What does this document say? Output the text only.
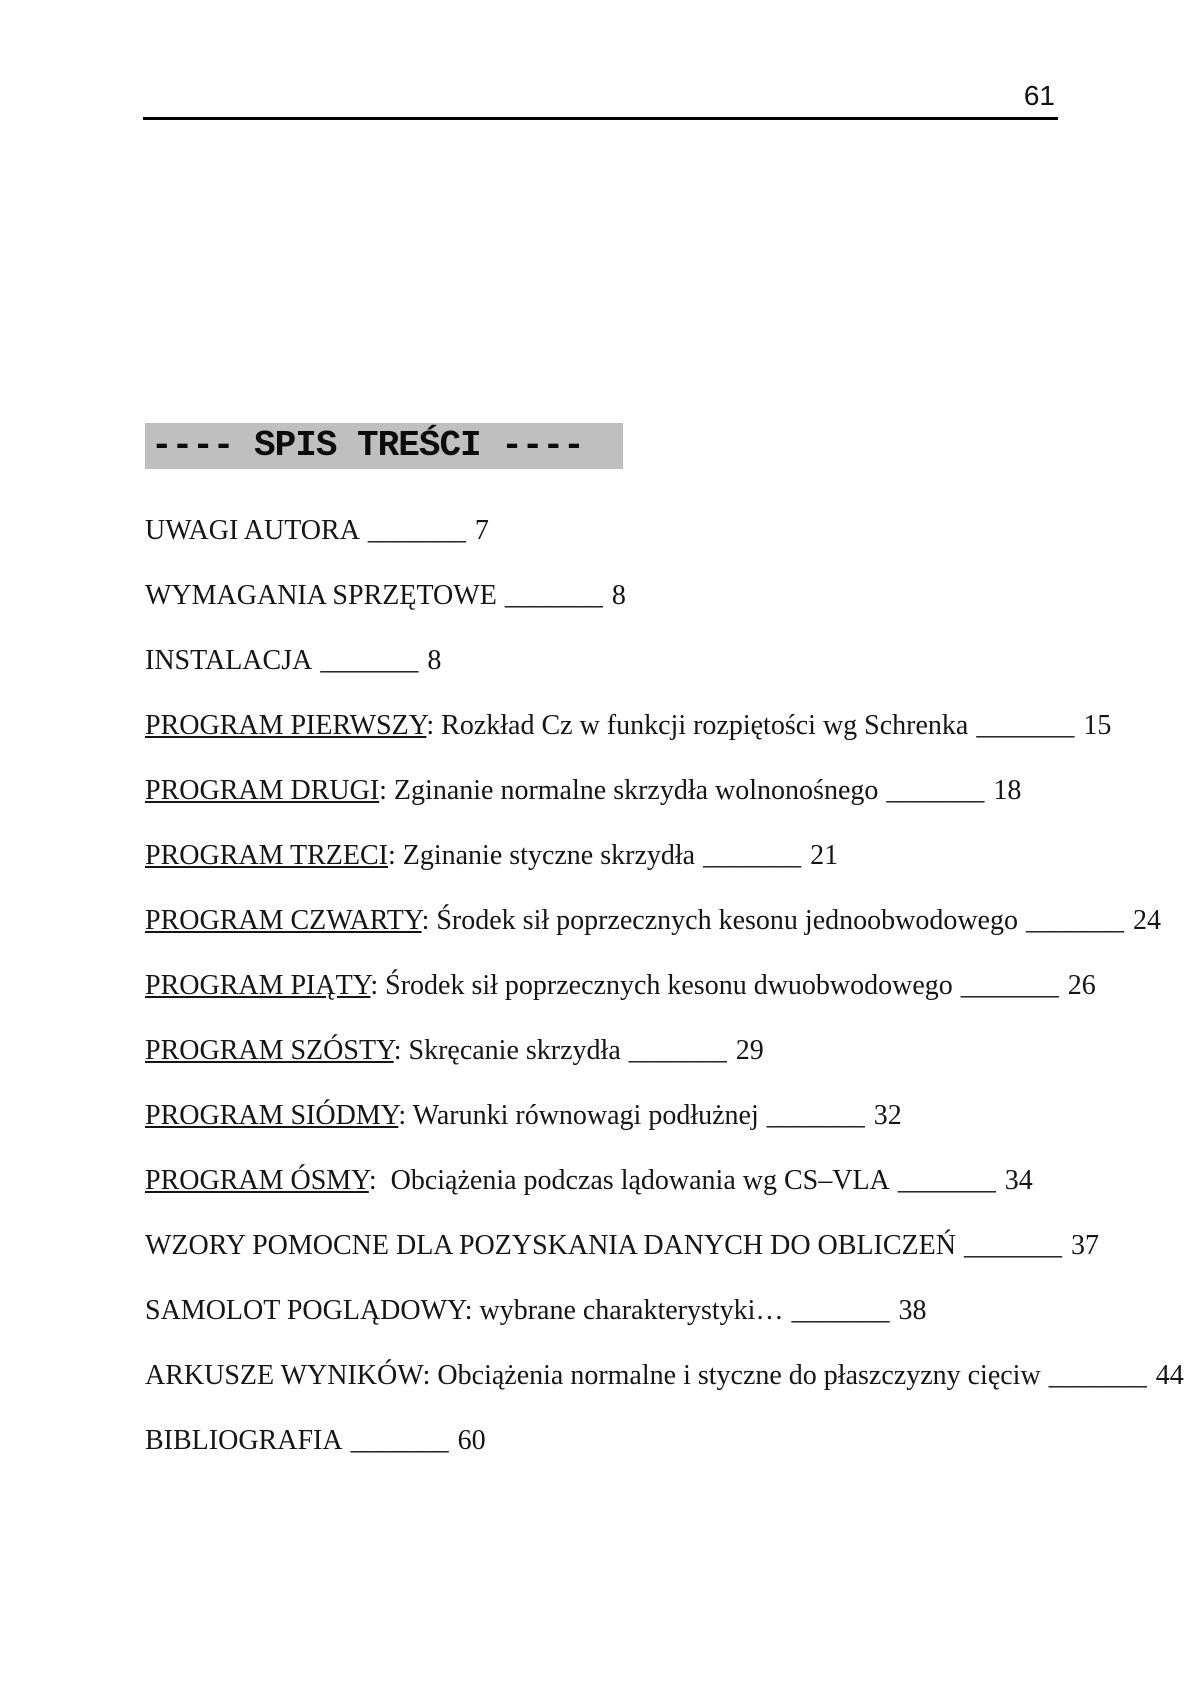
61
---- SPIS TREŚCI ----
UWAGI AUTORA _______ 7
WYMAGANIA SPRZĘTOWE _______ 8
INSTALACJA _______ 8
PROGRAM PIERWSZY: Rozkład Cz w funkcji rozpiętości wg Schrenka _______ 15
PROGRAM DRUGI: Zginanie normalne skrzydła wolnonośnego _______ 18
PROGRAM TRZECI: Zginanie styczne skrzydła _______ 21
PROGRAM CZWARTY: Środek sił poprzecznych kesonu jednoobwodowego _______ 24
PROGRAM PIĄTY: Środek sił poprzecznych kesonu dwuobwodowego _______ 26
PROGRAM SZÓSTY: Skręcanie skrzydła _______ 29
PROGRAM SIÓDMY: Warunki równowagi podłużnej _______ 32
PROGRAM ÓSMY:  Obciążenia podczas lądowania wg CS–VLA _______ 34
WZORY POMOCNE DLA POZYSKANIA DANYCH DO OBLICZEŃ _______ 37
SAMOLOT POGLĄDOWY: wybrane charakterystyki… _______ 38
ARKUSZE WYNIKÓW: Obciążenia normalne i styczne do płaszczyzny cięciw _______ 44
BIBLIOGRAFIA _______ 60
